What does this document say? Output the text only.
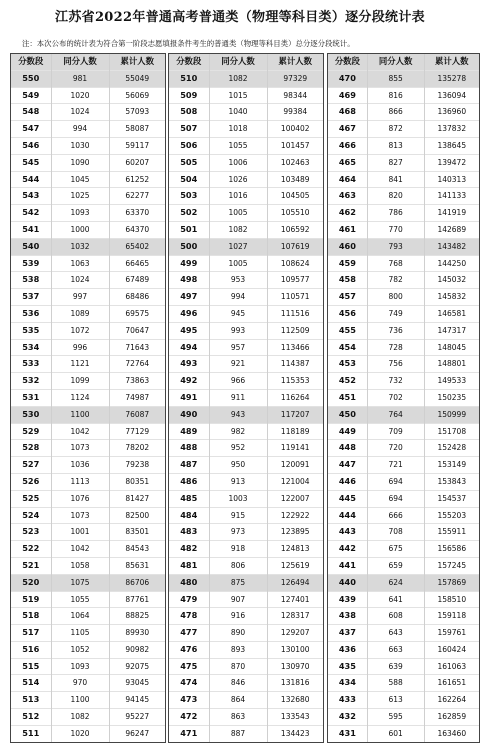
江苏省2022年普通高考普通类（物理等科目类）逐分段统计表
注：本次公布的统计表为符合第一阶段志愿填报条件考生的普通类（物理等科目类）总分逐分段统计。
分数段	同分人数	累计人数
550	981	55049
549	1020	56069
548	1024	57093
547	994	58087
546	1030	59117
545	1090	60207
544	1045	61252
543	1025	62277
542	1093	63370
541	1000	64370
540	1032	65402
539	1063	66465
538	1024	67489
537	997	68486
536	1089	69575
535	1072	70647
534	996	71643
533	1121	72764
532	1099	73863
531	1124	74987
530	1100	76087
529	1042	77129
528	1073	78202
527	1036	79238
526	1113	80351
525	1076	81427
524	1073	82500
523	1001	83501
522	1042	84543
521	1058	85631
520	1075	86706
519	1055	87761
518	1064	88825
517	1105	89930
516	1052	90982
515	1093	92075
514	970	93045
513	1100	94145
512	1082	95227
511	1020	96247
分数段	同分人数	累计人数
510	1082	97329
509	1015	98344
508	1040	99384
507	1018	100402
506	1055	101457
505	1006	102463
504	1026	103489
503	1016	104505
502	1005	105510
501	1082	106592
500	1027	107619
499	1005	108624
498	953	109577
497	994	110571
496	945	111516
495	993	112509
494	957	113466
493	921	114387
492	966	115353
491	911	116264
490	943	117207
489	982	118189
488	952	119141
487	950	120091
486	913	121004
485	1003	122007
484	915	122922
483	973	123895
482	918	124813
481	806	125619
480	875	126494
479	907	127401
478	916	128317
477	890	129207
476	893	130100
475	870	130970
474	846	131816
473	864	132680
472	863	133543
471	887	134423
分数段	同分人数	累计人数
470	855	135278
469	816	136094
468	866	136960
467	872	137832
466	813	138645
465	827	139472
464	841	140313
463	820	141133
462	786	141919
461	770	142689
460	793	143482
459	768	144250
458	782	145032
457	800	145832
456	749	146581
455	736	147317
454	728	148045
453	756	148801
452	732	149533
451	702	150235
450	764	150999
449	709	151708
448	720	152428
447	721	153149
446	694	153843
445	694	154537
444	666	155203
443	708	155911
442	675	156586
441	659	157245
440	624	157869
439	641	158510
438	608	159118
437	643	159761
436	663	160424
435	639	161063
434	588	161651
433	613	162264
432	595	162859
431	601	163460
